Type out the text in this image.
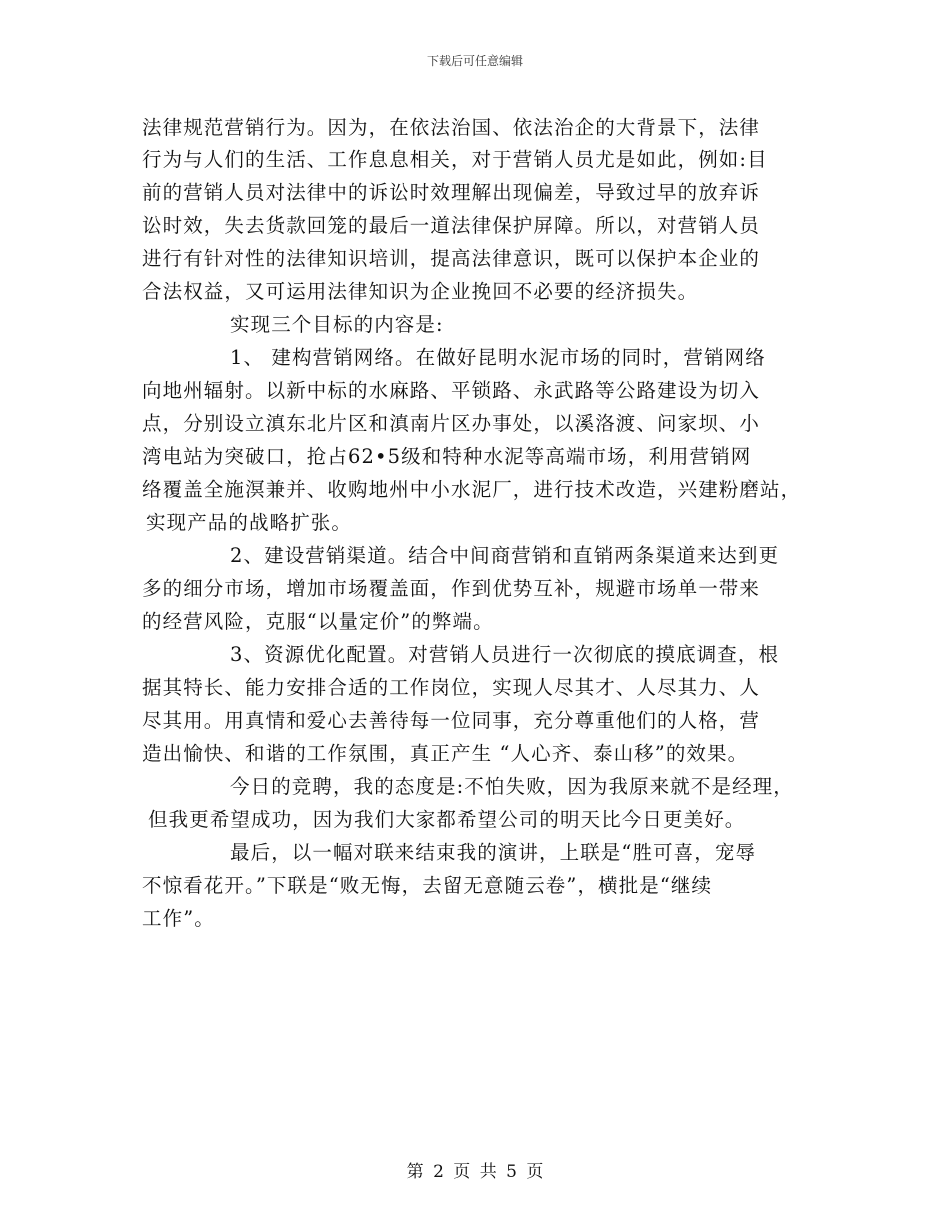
下载后可任意编辑
法律规范营销行为。因为，在依法治国、依法治企的大背景下，法律
行为与人们的生活、工作息息相关，对于营销人员尤是如此，例如:目
前的营销人员对法律中的诉讼时效理解出现偏差，导致过早的放弃诉
讼时效，失去货款回笼的最后一道法律保护屏障。所以，对营销人员
进行有针对性的法律知识培训，提高法律意识，既可以保护本企业的
合法权益，又可运用法律知识为企业挽回不必要的经济损失。
实现三个目标的内容是:
1、 建构营销网络。在做好昆明水泥市场的同时，营销网络
向地州辐射。以新中标的水麻路、平锁路、永武路等公路建设为切入
点，分别设立滇东北片区和滇南片区办事处，以溪洛渡、问家坝、小
湾电站为突破口，抢占62•5级和特种水泥等高端市场，利用营销网
络覆盖全施溟兼并、收购地州中小水泥厂，进行技术改造，兴建粉磨站，
实现产品的战略扩张。
2、建设营销渠道。结合中间商营销和直销两条渠道来达到更
多的细分市场，增加市场覆盖面，作到优势互补，规避市场单一带来
的经营风险，克服“以量定价”的弊端。
3、资源优化配置。对营销人员进行一次彻底的摸底调查，根
据其特长、能力安排合适的工作岗位，实现人尽其才、人尽其力、人
尽其用。用真情和爱心去善待每一位同事，充分尊重他们的人格，营
造出愉快、和谐的工作氛围，真正产生 “人心齐、泰山移”的效果。
今日的竞聘，我的态度是:不怕失败，因为我原来就不是经理，
但我更希望成功，因为我们大家都希望公司的明天比今日更美好。
最后，以一幅对联来结束我的演讲，上联是“胜可喜，宠辱
不惊看花开。”下联是“败无悔，去留无意随云卷”，横批是“继续
工作”。
第 2 页 共 5 页
